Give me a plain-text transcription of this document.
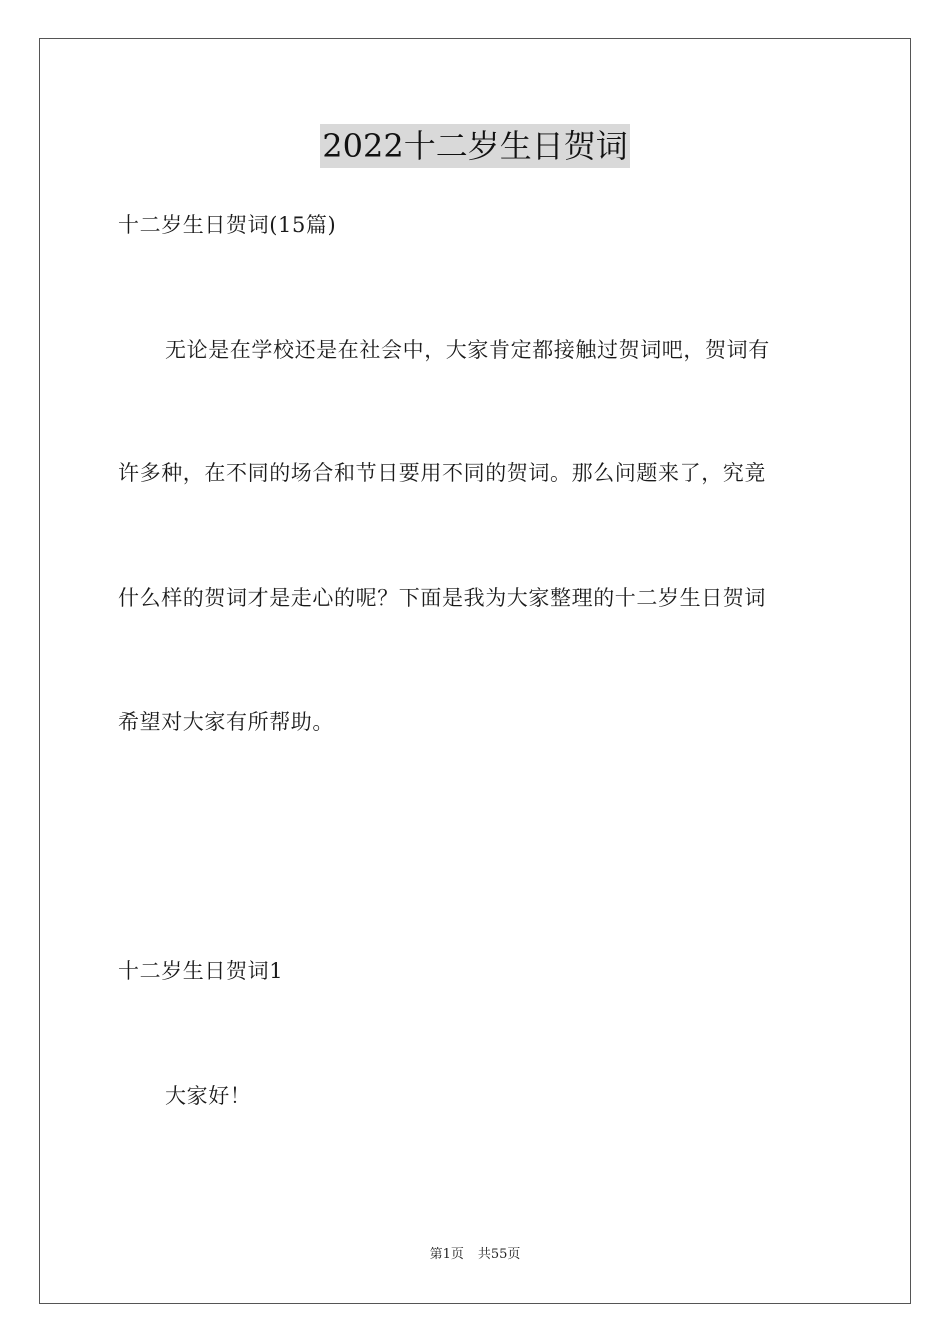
2022十二岁生日贺词
十二岁生日贺词(15篇)
无论是在学校还是在社会中，大家肯定都接触过贺词吧，贺词有
许多种，在不同的场合和节日要用不同的贺词。那么问题来了，究竟
什么样的贺词才是走心的呢？下面是我为大家整理的十二岁生日贺词
希望对大家有所帮助。
十二岁生日贺词1
大家好！
第1页 共55页
